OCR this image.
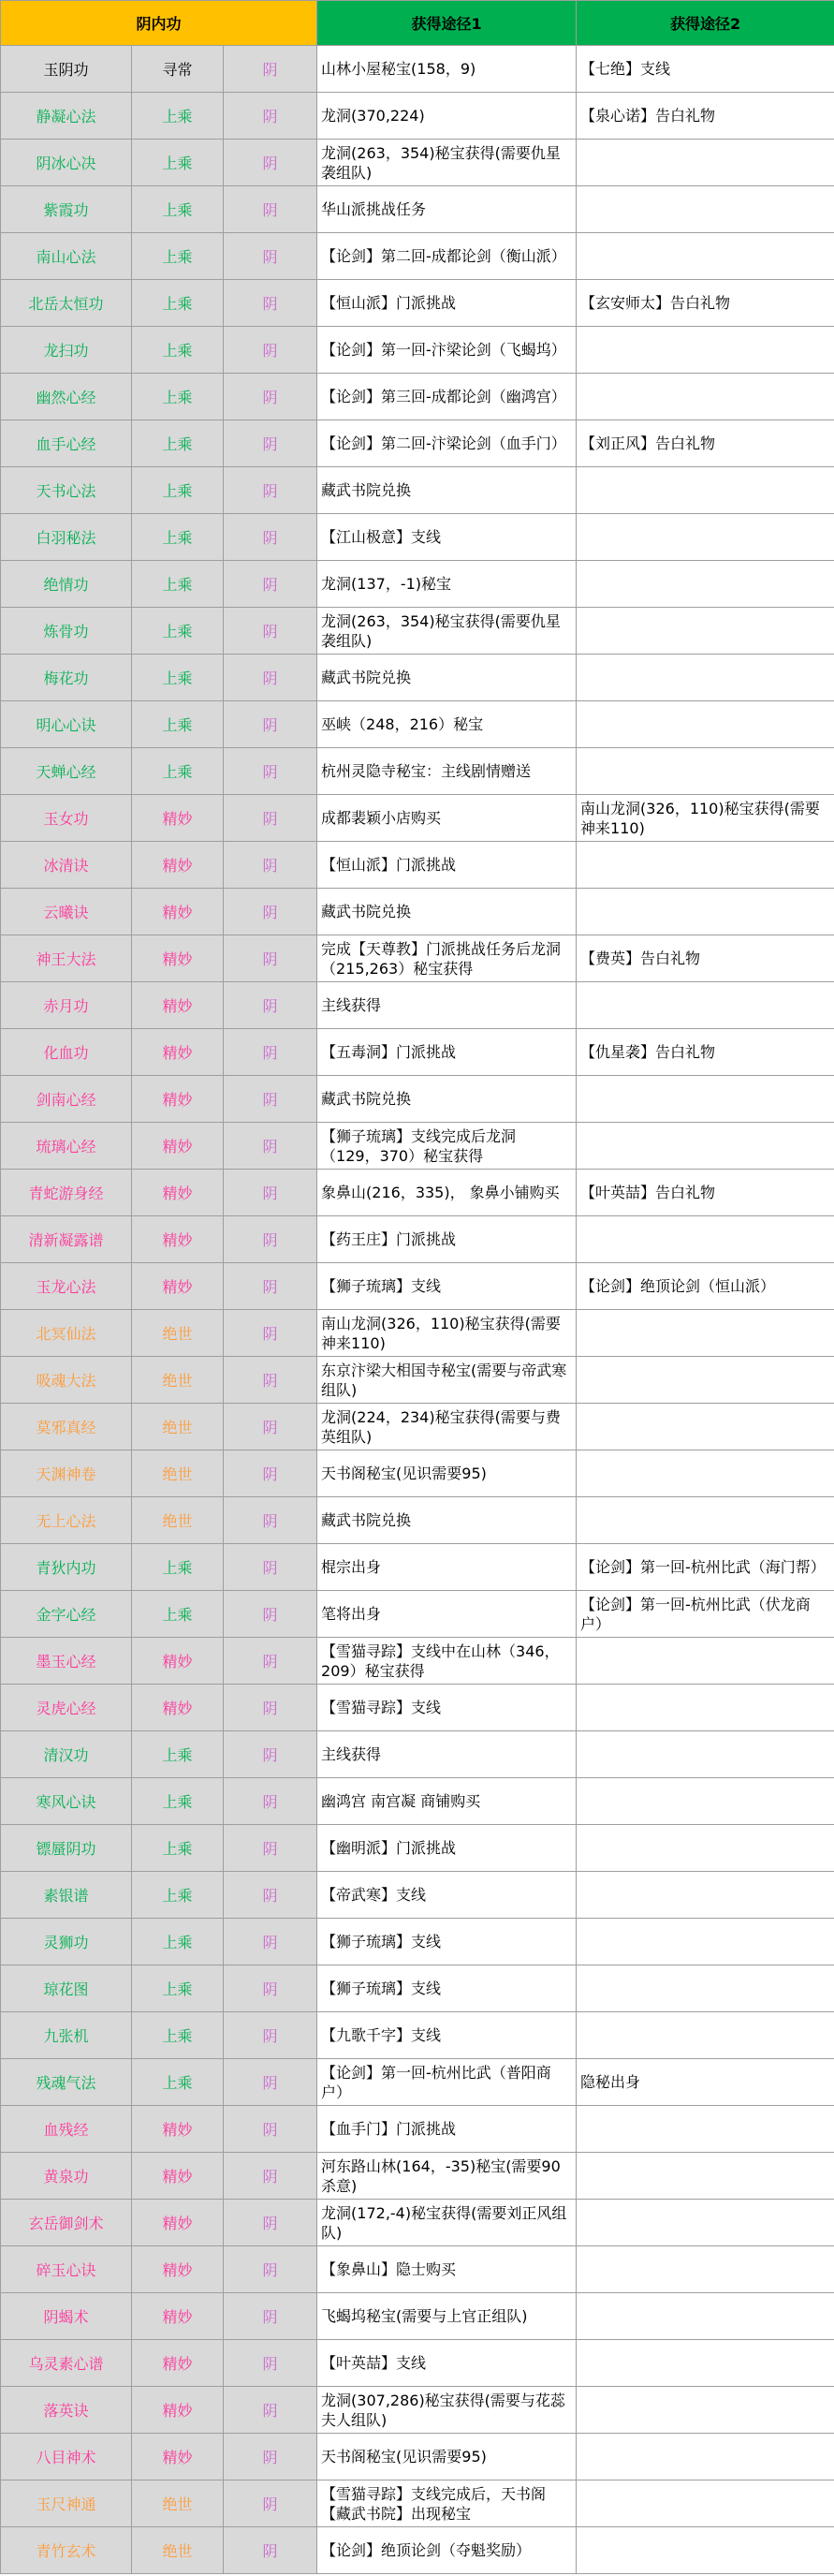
阴内功			获得途径1	获得途径2
玉阴功	寻常	阴	山林小屋秘宝(158，9)	【七绝】支线
静凝心法	上乘	阴	龙洞(370,224)	【泉心诺】告白礼物
阴冰心决	上乘	阴	龙洞(263，354)秘宝获得(需要仇星袭组队)	
紫霞功	上乘	阴	华山派挑战任务	
南山心法	上乘	阴	【论剑】第二回-成都论剑（衡山派）	
北岳太恒功	上乘	阴	【恒山派】门派挑战	【玄安师太】告白礼物
龙扫功	上乘	阴	【论剑】第一回-汴梁论剑（飞蝎坞）	
幽然心经	上乘	阴	【论剑】第三回-成都论剑（幽鸿宫）	
血手心经	上乘	阴	【论剑】第二回-汴梁论剑（血手门）	【刘正风】告白礼物
天书心法	上乘	阴	藏武书院兑换	
白羽秘法	上乘	阴	【江山极意】支线	
绝情功	上乘	阴	龙洞(137，-1)秘宝	
炼骨功	上乘	阴	龙洞(263，354)秘宝获得(需要仇星袭组队)	
梅花功	上乘	阴	藏武书院兑换	
明心心诀	上乘	阴	巫峡（248，216）秘宝	
天蝉心经	上乘	阴	杭州灵隐寺秘宝：主线剧情赠送	
玉女功	精妙	阴	成都裴颖小店购买	南山龙洞(326，110)秘宝获得(需要神来110)
冰清诀	精妙	阴	【恒山派】门派挑战	
云曦诀	精妙	阴	藏武书院兑换	
神王大法	精妙	阴	完成【天尊教】门派挑战任务后龙洞（215,263）秘宝获得	【费英】告白礼物
赤月功	精妙	阴	主线获得	
化血功	精妙	阴	【五毒洞】门派挑战	【仇星袭】告白礼物
剑南心经	精妙	阴	藏武书院兑换	
琉璃心经	精妙	阴	【狮子琉璃】支线完成后龙洞（129，370）秘宝获得	
青蛇游身经	精妙	阴	象鼻山(216，335)， 象鼻小铺购买	【叶英喆】告白礼物
清新凝露谱	精妙	阴	【药王庄】门派挑战	
玉龙心法	精妙	阴	【狮子琉璃】支线	【论剑】绝顶论剑（恒山派）
北冥仙法	绝世	阴	南山龙洞(326，110)秘宝获得(需要神来110)	
吸魂大法	绝世	阴	东京汴梁大相国寺秘宝(需要与帝武寒组队)	
莫邪真经	绝世	阴	龙洞(224，234)秘宝获得(需要与费英组队)	
天渊神卷	绝世	阴	天书阁秘宝(见识需要95)	
无上心法	绝世	阴	藏武书院兑换	
青狄内功	上乘	阴	棍宗出身	【论剑】第一回-杭州比武（海门帮）
金字心经	上乘	阴	笔将出身	【论剑】第一回-杭州比武（伏龙商户）
墨玉心经	精妙	阴	【雪猫寻踪】支线中在山林（346，209）秘宝获得	
灵虎心经	精妙	阴	【雪猫寻踪】支线	
清汉功	上乘	阴	主线获得	
寒风心诀	上乘	阴	幽鸿宫 南宫凝 商铺购买	
镖蜃阴功	上乘	阴	【幽明派】门派挑战	
素银谱	上乘	阴	【帝武寒】支线	
灵狮功	上乘	阴	【狮子琉璃】支线	
琼花图	上乘	阴	【狮子琉璃】支线	
九张机	上乘	阴	【九歌千字】支线	
残魂气法	上乘	阴	【论剑】第一回-杭州比武（普阳商户）	隐秘出身
血残经	精妙	阴	【血手门】门派挑战	
黄泉功	精妙	阴	河东路山林(164，-35)秘宝(需要90杀意)	
玄岳御剑术	精妙	阴	龙洞(172,-4)秘宝获得(需要刘正风组队)	
碎玉心诀	精妙	阴	【象鼻山】隐士购买	
阴蝎术	精妙	阴	飞蝎坞秘宝(需要与上官正组队)	
乌灵素心谱	精妙	阴	【叶英喆】支线	
落英诀	精妙	阴	龙洞(307,286)秘宝获得(需要与花蕊夫人组队)	
八目神术	精妙	阴	天书阁秘宝(见识需要95)	
玉尺神通	绝世	阴	【雪猫寻踪】支线完成后，天书阁【藏武书院】出现秘宝	
青竹玄术	绝世	阴	【论剑】绝顶论剑（夺魁奖励）	
